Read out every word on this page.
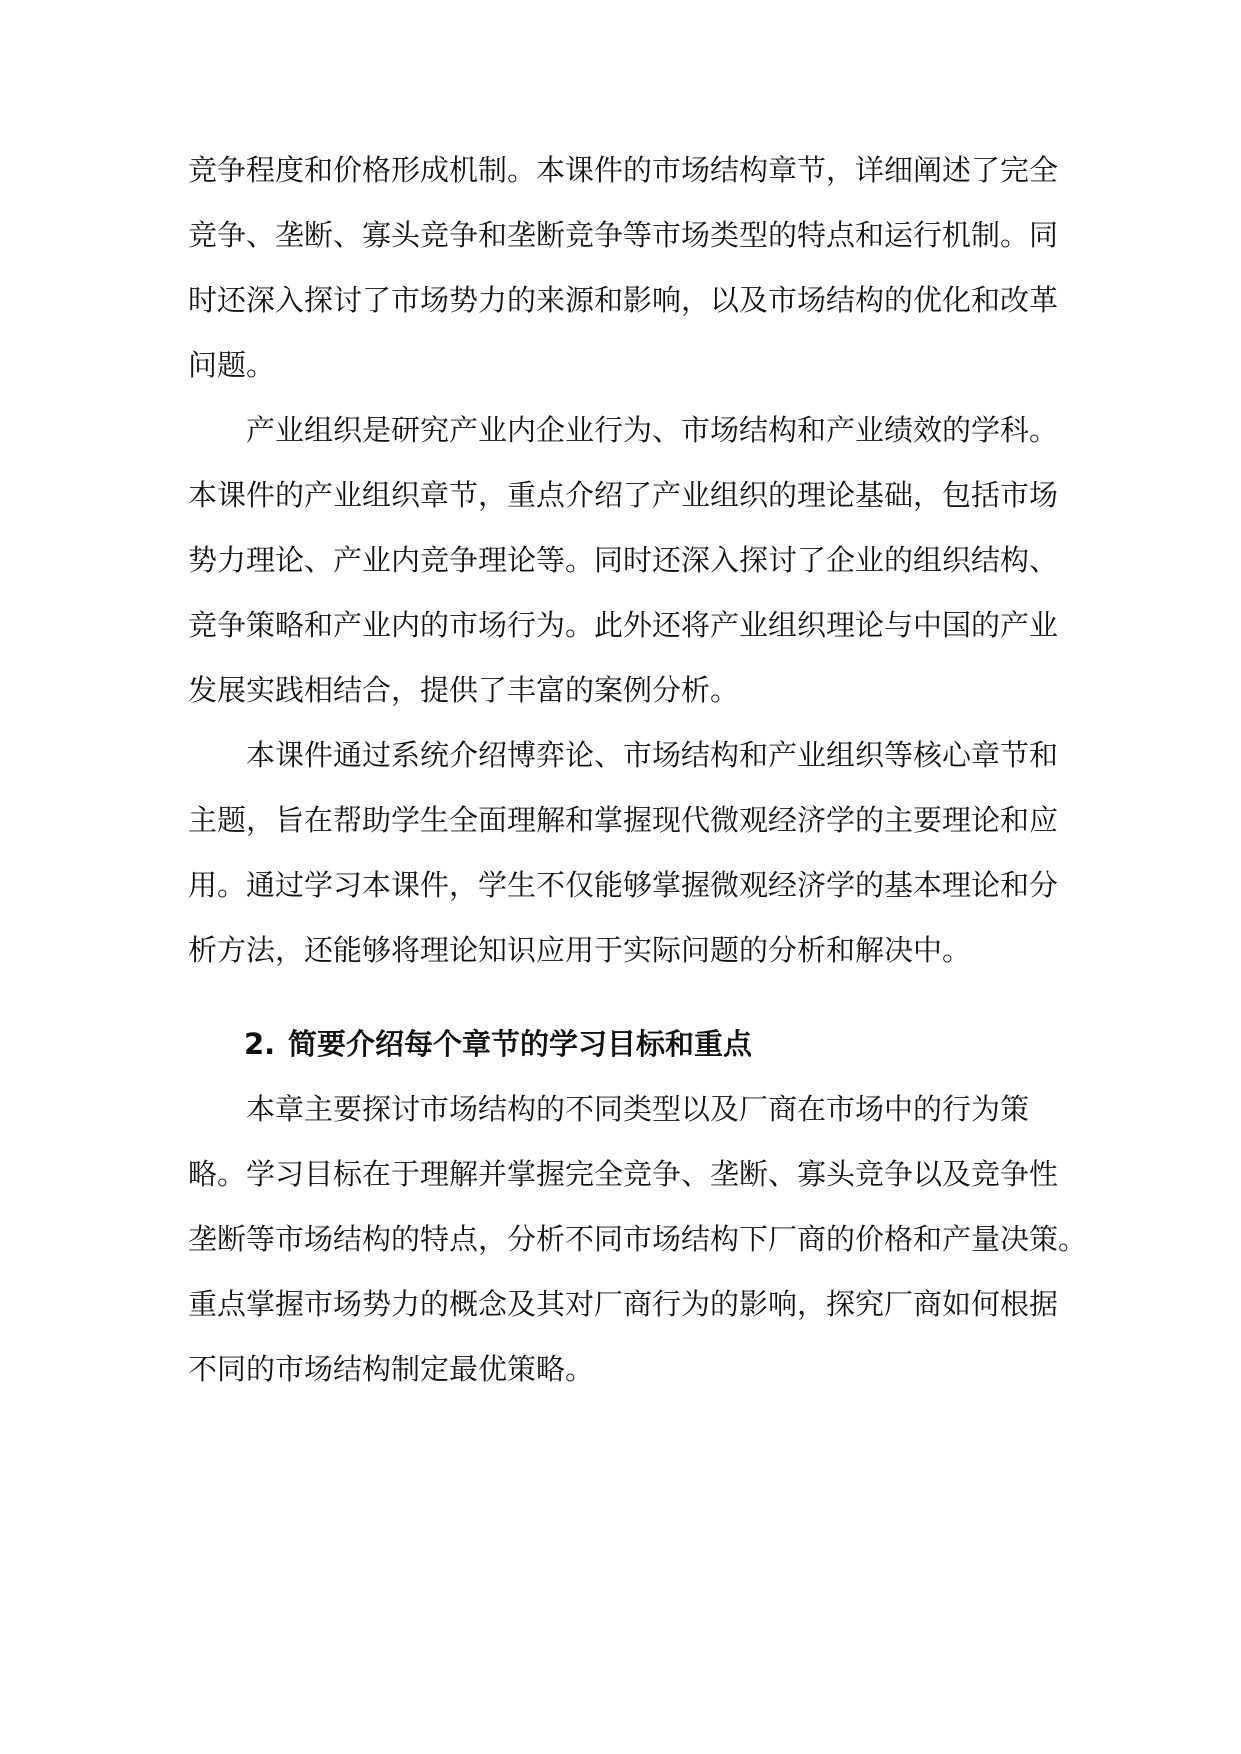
竞争程度和价格形成机制。本课件的市场结构章节，详细阐述了完全
竞争、垄断、寡头竞争和垄断竞争等市场类型的特点和运行机制。同
时还深入探讨了市场势力的来源和影响，以及市场结构的优化和改革
问题。
产业组织是研究产业内企业行为、市场结构和产业绩效的学科。
本课件的产业组织章节，重点介绍了产业组织的理论基础，包括市场
势力理论、产业内竞争理论等。同时还深入探讨了企业的组织结构、
竞争策略和产业内的市场行为。此外还将产业组织理论与中国的产业
发展实践相结合，提供了丰富的案例分析。
本课件通过系统介绍博弈论、市场结构和产业组织等核心章节和
主题，旨在帮助学生全面理解和掌握现代微观经济学的主要理论和应
用。通过学习本课件，学生不仅能够掌握微观经济学的基本理论和分
析方法，还能够将理论知识应用于实际问题的分析和解决中。
2. 简要介绍每个章节的学习目标和重点
本章主要探讨市场结构的不同类型以及厂商在市场中的行为策
略。学习目标在于理解并掌握完全竞争、垄断、寡头竞争以及竞争性
垄断等市场结构的特点，分析不同市场结构下厂商的价格和产量决策。
重点掌握市场势力的概念及其对厂商行为的影响，探究厂商如何根据
不同的市场结构制定最优策略。
